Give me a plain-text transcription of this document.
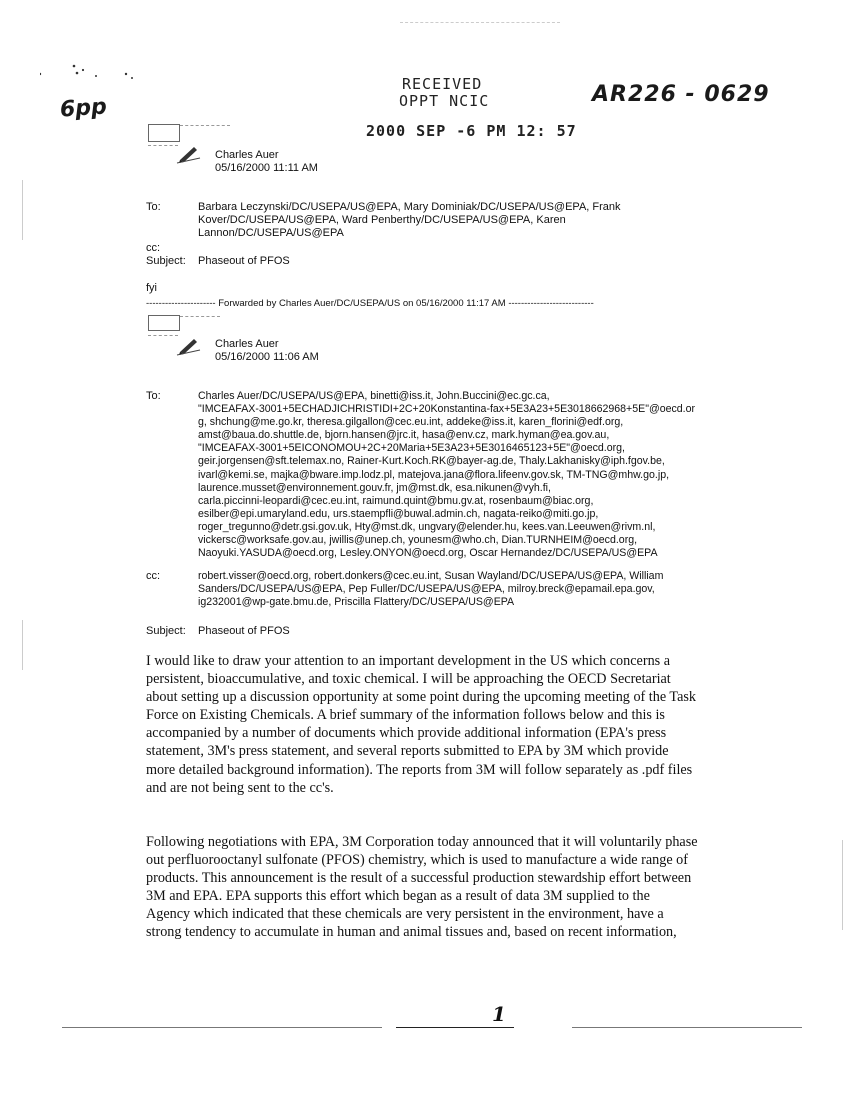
6pp	AR226 - 0629
RECEIVED
OPPT NCIC
2000 SEP -6 PM 12: 57
Charles Auer
05/16/2000 11:11 AM
To:	Barbara Leczynski/DC/USEPA/US@EPA, Mary Dominiak/DC/USEPA/US@EPA, Frank
Kover/DC/USEPA/US@EPA, Ward Penberthy/DC/USEPA/US@EPA, Karen
Lannon/DC/USEPA/US@EPA
cc:
Subject: Phaseout of PFOS
fyi
---------------------- Forwarded by Charles Auer/DC/USEPA/US on 05/16/2000 11:17 AM ---------------------------
Charles Auer
05/16/2000 11:06 AM
To:	Charles Auer/DC/USEPA/US@EPA, binetti@iss.it, John.Buccini@ec.gc.ca,
"IMCEAFAX-3001+5ECHADJICHRISTIDI+2C+20Konstantina-fax+5E3A23+5E3018662968+5E"@oecd.or
g, shchung@me.go.kr, theresa.gilgallon@cec.eu.int, addeke@iss.it, karen_florini@edf.org,
amst@baua.do.shuttle.de, bjorn.hansen@jrc.it, hasa@env.cz, mark.hyman@ea.gov.au,
"IMCEAFAX-3001+5EICONOMOU+2C+20Maria+5E3A23+5E3016465123+5E"@oecd.org,
geir.jorgensen@sft.telemax.no, Rainer-Kurt.Koch.RK@bayer-ag.de, Thaly.Lakhanisky@iph.fgov.be,
ivarl@kemi.se, majka@bware.imp.lodz.pl, matejova.jana@flora.lifeenv.gov.sk, TM-TNG@mhw.go.jp,
laurence.musset@environnement.gouv.fr, jm@mst.dk, esa.nikunen@vyh.fi,
carla.piccinni-leopardi@cec.eu.int, raimund.quint@bmu.gv.at, rosenbaum@biac.org,
esilber@epi.umaryland.edu, urs.staempfli@buwal.admin.ch, nagata-reiko@miti.go.jp,
roger_tregunno@detr.gsi.gov.uk, Hty@mst.dk, ungvary@elender.hu, kees.van.Leeuwen@rivm.nl,
vickersc@worksafe.gov.au, jwillis@unep.ch, younesm@who.ch, Dian.TURNHEIM@oecd.org,
Naoyuki.YASUDA@oecd.org, Lesley.ONYON@oecd.org, Oscar Hernandez/DC/USEPA/US@EPA
cc:	robert.visser@oecd.org, robert.donkers@cec.eu.int, Susan Wayland/DC/USEPA/US@EPA, William
Sanders/DC/USEPA/US@EPA, Pep Fuller/DC/USEPA/US@EPA, milroy.breck@epamail.epa.gov,
ig232001@wp-gate.bmu.de, Priscilla Flattery/DC/USEPA/US@EPA
Subject: Phaseout of PFOS
I would like to draw your attention to an important development in the US which concerns a
persistent, bioaccumulative, and toxic chemical. I will be approaching the OECD Secretariat
about setting up a discussion opportunity at some point during the upcoming meeting of the Task
Force on Existing Chemicals. A brief summary of the information follows below and this is
accompanied by a number of documents which provide additional information (EPA's press
statement, 3M's press statement, and several reports submitted to EPA by 3M which provide
more detailed background information). The reports from 3M will follow separately as .pdf files
and are not being sent to the cc's.
Following negotiations with EPA, 3M Corporation today announced that it will voluntarily phase
out perfluorooctanyl sulfonate (PFOS) chemistry, which is used to manufacture a wide range of
products. This announcement is the result of a successful production stewardship effort between
3M and EPA. EPA supports this effort which began as a result of data 3M supplied to the
Agency which indicated that these chemicals are very persistent in the environment, have a
strong tendency to accumulate in human and animal tissues and, based on recent information,
1
